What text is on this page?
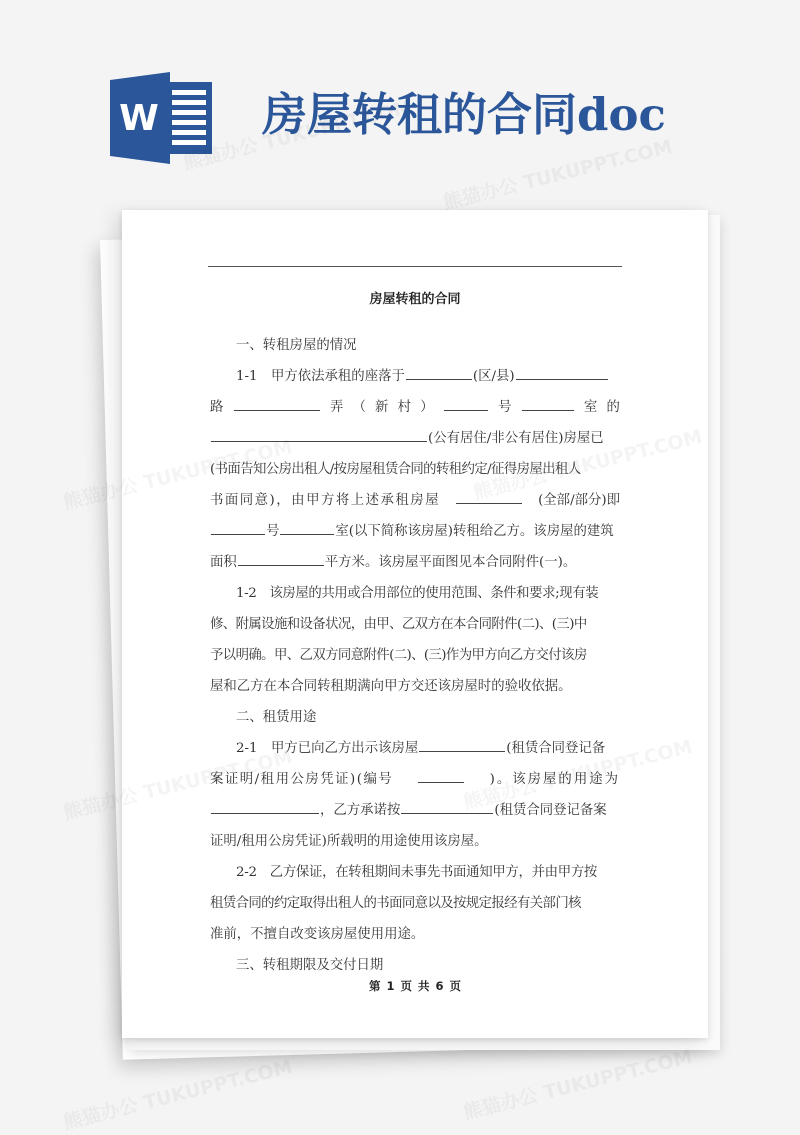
W 房屋转租的合同doc
房屋转租的合同
一、转租房屋的情况
1-1　甲方依法承租的座落于	(区/县)
路	弄 （ 新 村 ）	号	室 的
(公有居住/非公有居住)房屋已
(书面告知公房出租人/按房屋租赁合同的转租约定/征得房屋出租人
书面同意)，由甲方将上述承租房屋	(全部/部分)即
号	室(以下简称该房屋)转租给乙方。该房屋的建筑
面积	平方米。该房屋平面图见本合同附件(一)。
1-2　该房屋的共用或合用部位的使用范围、条件和要求;现有装
修、附属设施和设备状况，由甲、乙双方在本合同附件(二)、(三)中
予以明确。甲、乙双方同意附件(二)、(三)作为甲方向乙方交付该房
屋和乙方在本合同转租期满向甲方交还该房屋时的验收依据。
二、租赁用途
2-1　甲方已向乙方出示该房屋	(租赁合同登记备
案证明/租用公房凭证)(编号	)。该房屋的用途为
，乙方承诺按	(租赁合同登记备案
证明/租用公房凭证)所载明的用途使用该房屋。
2-2　乙方保证，在转租期间未事先书面通知甲方，并由甲方按
租赁合同的约定取得出租人的书面同意以及按规定报经有关部门核
准前，不擅自改变该房屋使用用途。
三、转租期限及交付日期
第 1 页 共 6 页
